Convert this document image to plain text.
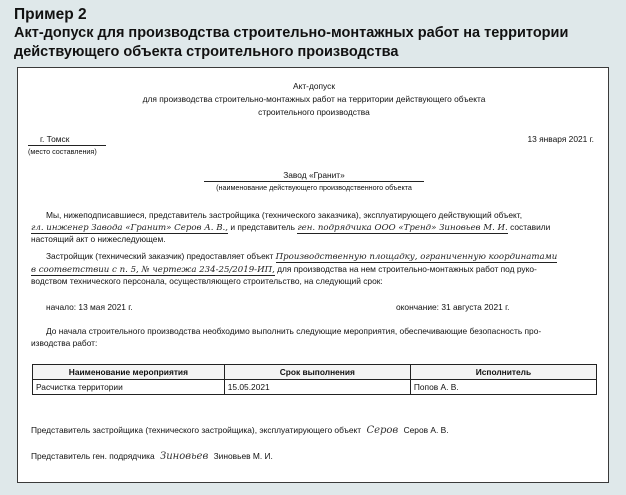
Пример 2
Акт-допуск для производства строительно-монтажных работ на территории
действующего объекта строительного производства
Акт-допуск
для производства строительно-монтажных работ на территории действующего объекта
строительного производства
г. Томск
(место составления)
13 января 2021 г.
Завод «Гранит»
(наименование действующего производственного объекта
Мы, нижеподписавшиеся, представитель застройщика (технического заказчика), эксплуатирующего действующий объект,
гл. инженер Завода «Гранит» Серов А. В., и представитель ген. подрядчика ООО «Тренд» Зиновьев М. И. составили
настоящий акт о нижеследующем.
Застройщик (технический заказчик) предоставляет объект Производственную площадку, ограниченную координатами
в соответствии с п. 5, № чертежа 234-25/2019-ИП, для производства на нем строительно-монтажных работ под руко-
водством технического персонала, осуществляющего строительство, на следующий срок:
начало: 13 мая 2021 г.	окончание: 31 августа 2021 г.
До начала строительного производства необходимо выполнить следующие мероприятия, обеспечивающие безопасность про-
изводства работ:
Наименование мероприятия	Срок выполнения	Исполнитель
Расчистка территории	15.05.2021	Попов А. В.
Представитель застройщика (технического застройщика), эксплуатирующего объект Серов Серов А. В.
Представитель ген. подрядчика Зиновьев Зиновьев М. И.
